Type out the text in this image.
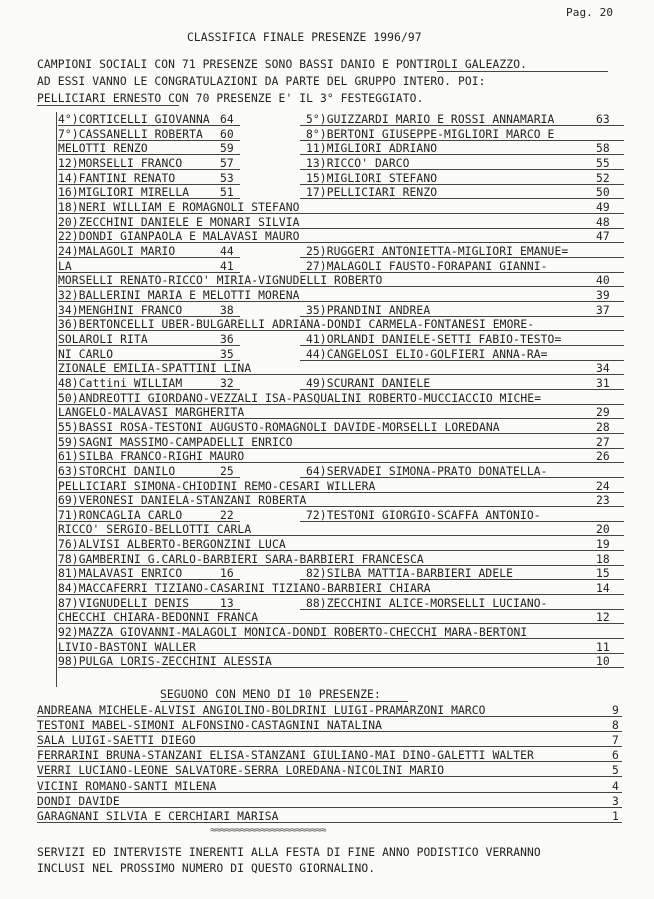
Pag. 20
CLASSIFICA FINALE PRESENZE 1996/97
CAMPIONI SOCIALI CON 71 PRESENZE SONO BASSI DANIO E PONTIROLI GALEAZZO.
AD ESSI VANNO LE CONGRATULAZIONI DA PARTE DEL GRUPPO INTERO. POI:
PELLICIARI ERNESTO CON 70 PRESENZE E' IL 3° FESTEGGIATO.
4°)CORTICELLI GIOVANNA 64	5°)GUIZZARDI MARIO E ROSSI ANNAMARIA	63
7°)CASSANELLI ROBERTA 60	8°)BERTONI GIUSEPPE-MIGLIORI MARCO E
MELOTTI RENZO	59	11)MIGLIORI ADRIANO	58
12)MORSELLI FRANCO	57	13)RICCO' DARCO	55
14)FANTINI RENATO	53	15)MIGLIORI STEFANO	52
16)MIGLIORI MIRELLA	51	17)PELLICIARI RENZO	50
18)NERI WILLIAM E ROMAGNOLI STEFANO	49
20)ZECCHINI DANIELE E MONARI SILVIA	48
22)DONDI GIANPAOLA E MALAVASI MAURO	47
24)MALAGOLI MARIO	44	25)RUGGERI ANTONIETTA-MIGLIORI EMANUE=
LA	41	27)MALAGOLI FAUSTO-FORAPANI GIANNI-
MORSELLI RENATO-RICCO' MIRIA-VIGNUDELLI ROBERTO	40
32)BALLERINI MARIA E MELOTTI MORENA	39
34)MENGHINI FRANCO	38	35)PRANDINI ANDREA	37
36)BERTONCELLI UBER-BULGARELLI ADRIANA-DONDI CARMELA-FONTANESI EMORE-
SOLAROLI RITA	36	41)ORLANDI DANIELE-SETTI FABIO-TESTO=
NI CARLO	35	44)CANGELOSI ELIO-GOLFIERI ANNA-RA=
ZIONALE EMILIA-SPATTINI LINA	34
48)Cattini WILLIAM	32	49)SCURANI DANIELE	31
50)ANDREOTTI GIORDANO-VEZZALI ISA-PASQUALINI ROBERTO-MUCCIACCIO MICHE=
LANGELO-MALAVASI MARGHERITA	29
55)BASSI ROSA-TESTONI AUGUSTO-ROMAGNOLI DAVIDE-MORSELLI LOREDANA	28
59)SAGNI MASSIMO-CAMPADELLI ENRICO	27
61)SILBA FRANCO-RIGHI MAURO	26
63)STORCHI DANILO	25	64)SERVADEI SIMONA-PRATO DONATELLA-
PELLICIARI SIMONA-CHIODINI REMO-CESARI WILLERA	24
69)VERONESI DANIELA-STANZANI ROBERTA	23
71)RONCAGLIA CARLO	22	72)TESTONI GIORGIO-SCAFFA ANTONIO-
RICCO' SERGIO-BELLOTTI CARLA	20
76)ALVISI ALBERTO-BERGONZINI LUCA	19
78)GAMBERINI G.CARLO-BARBIERI SARA-BARBIERI FRANCESCA	18
81)MALAVASI ENRICO	16	82)SILBA MATTIA-BARBIERI ADELE	15
84)MACCAFERRI TIZIANO-CASARINI TIZIANO-BARBIERI CHIARA	14
87)VIGNUDELLI DENIS	13	88)ZECCHINI ALICE-MORSELLI LUCIANO-
CHECCHI CHIARA-BEDONNI FRANCA	12
92)MAZZA GIOVANNI-MALAGOLI MONICA-DONDI ROBERTO-CHECCHI MARA-BERTONI
LIVIO-BASTONI WALLER	11
98)PULGA LORIS-ZECCHINI ALESSIA	10
SEGUONO CON MENO DI 10 PRESENZE:
ANDREANA MICHELE-ALVISI ANGIOLINO-BOLDRINI LUIGI-PRAMARZONI MARCO	9
TESTONI MABEL-SIMONI ALFONSINO-CASTAGNINI NATALINA	8
SALA LUIGI-SAETTI DIEGO	7
FERRARINI BRUNA-STANZANI ELISA-STANZANI GIULIANO-MAI DINO-GALETTI WALTER	6
VERRI LUCIANO-LEONE SALVATORE-SERRA LOREDANA-NICOLINI MARIO	5
VICINI ROMANO-SANTI MILENA	4
DONDI DAVIDE	3
GARAGNANI SILVIA E CERCHIARI MARISA	1
≈≈≈≈≈≈≈≈≈≈≈≈≈≈≈≈≈≈≈≈≈≈≈
SERVIZI ED INTERVISTE INERENTI ALLA FESTA DI FINE ANNO PODISTICO VERRANNO
INCLUSI NEL PROSSIMO NUMERO DI QUESTO GIORNALINO.
